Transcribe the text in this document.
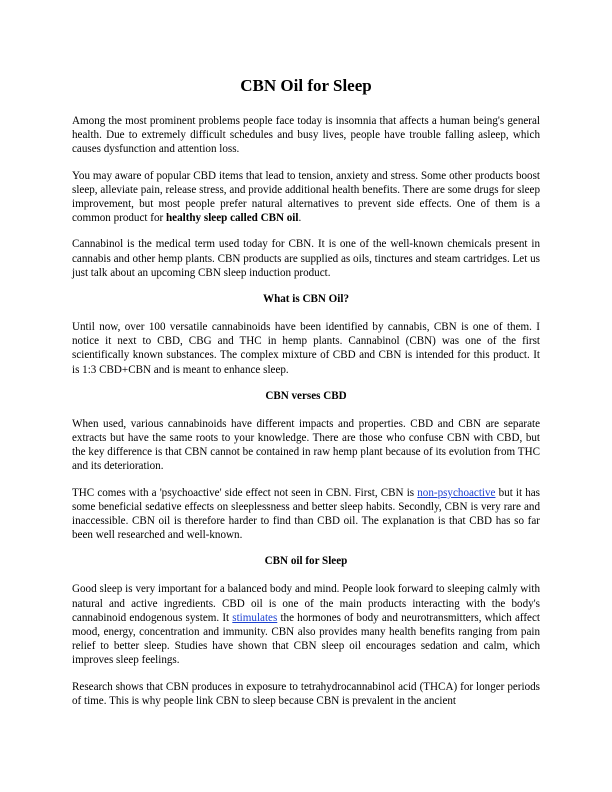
CBN Oil for Sleep

Among the most prominent problems people face today is insomnia that affects a human being's general health. Due to extremely difficult schedules and busy lives, people have trouble falling asleep, which causes dysfunction and attention loss.

You may aware of popular CBD items that lead to tension, anxiety and stress. Some other products boost sleep, alleviate pain, release stress, and provide additional health benefits. There are some drugs for sleep improvement, but most people prefer natural alternatives to prevent side effects. One of them is a common product for healthy sleep called CBN oil.

Cannabinol is the medical term used today for CBN. It is one of the well-known chemicals present in cannabis and other hemp plants. CBN products are supplied as oils, tinctures and steam cartridges. Let us just talk about an upcoming CBN sleep induction product.

What is CBN Oil?

Until now, over 100 versatile cannabinoids have been identified by cannabis, CBN is one of them. I notice it next to CBD, CBG and THC in hemp plants. Cannabinol (CBN) was one of the first scientifically known substances. The complex mixture of CBD and CBN is intended for this product. It is 1:3 CBD+CBN and is meant to enhance sleep.

CBN verses CBD

When used, various cannabinoids have different impacts and properties. CBD and CBN are separate extracts but have the same roots to your knowledge. There are those who confuse CBN with CBD, but the key difference is that CBN cannot be contained in raw hemp plant because of its evolution from THC and its deterioration.

THC comes with a 'psychoactive' side effect not seen in CBN. First, CBN is non-psychoactive but it has some beneficial sedative effects on sleeplessness and better sleep habits. Secondly, CBN is very rare and inaccessible. CBN oil is therefore harder to find than CBD oil. The explanation is that CBD has so far been well researched and well-known.

CBN oil for Sleep

Good sleep is very important for a balanced body and mind. People look forward to sleeping calmly with natural and active ingredients. CBD oil is one of the main products interacting with the body's cannabinoid endogenous system. It stimulates the hormones of body and neurotransmitters, which affect mood, energy, concentration and immunity. CBN also provides many health benefits ranging from pain relief to better sleep. Studies have shown that CBN sleep oil encourages sedation and calm, which improves sleep feelings.

Research shows that CBN produces in exposure to tetrahydrocannabinol acid (THCA) for longer periods of time. This is why people link CBN to sleep because CBN is prevalent in the ancient
